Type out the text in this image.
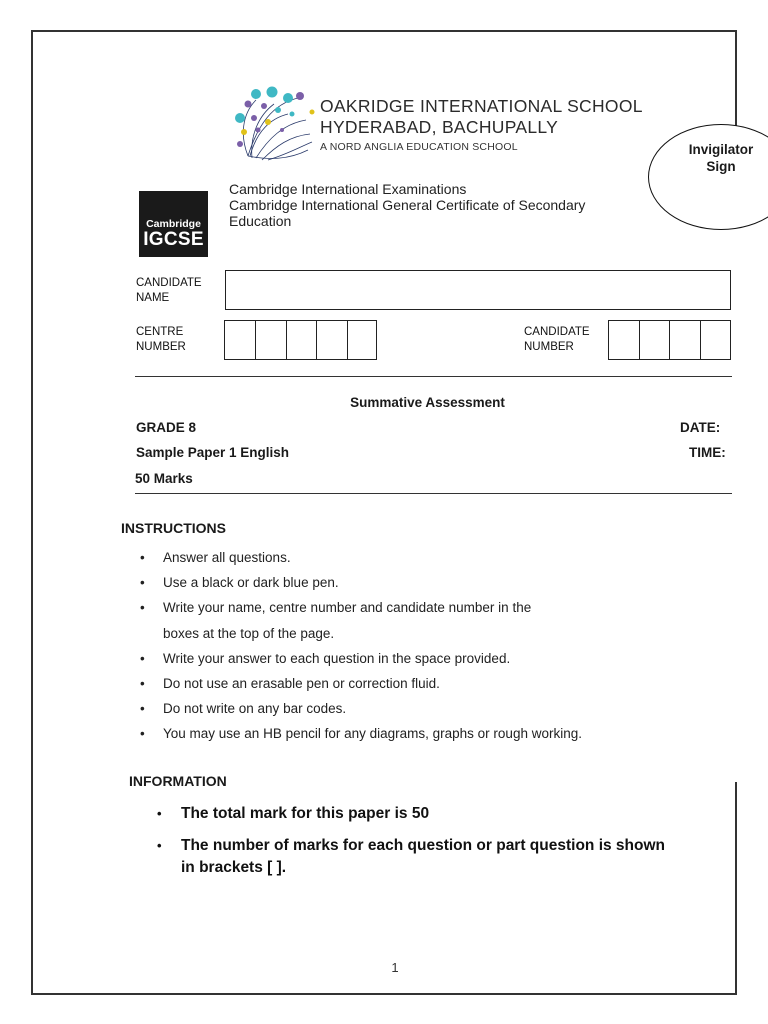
OAKRIDGE INTERNATIONAL SCHOOL
HYDERABAD, BACHUPALLY
A NORD ANGLIA EDUCATION SCHOOL	Invigilator
Sign
Cambridge
IGCSE
Cambridge International Examinations
Cambridge International General Certificate of Secondary
Education
CANDIDATE
NAME
CENTRE
NUMBER
CANDIDATE
NUMBER
Summative Assessment
GRADE 8	DATE:
Sample Paper 1 English	TIME:
50 Marks
INSTRUCTIONS
• Answer all questions.
• Use a black or dark blue pen.
• Write your name, centre number and candidate number in the
boxes at the top of the page.
• Write your answer to each question in the space provided.
• Do not use an erasable pen or correction fluid.
• Do not write on any bar codes.
• You may use an HB pencil for any diagrams, graphs or rough working.
INFORMATION
• The total mark for this paper is 50
• The number of marks for each question or part question is shown in brackets [ ].
1
